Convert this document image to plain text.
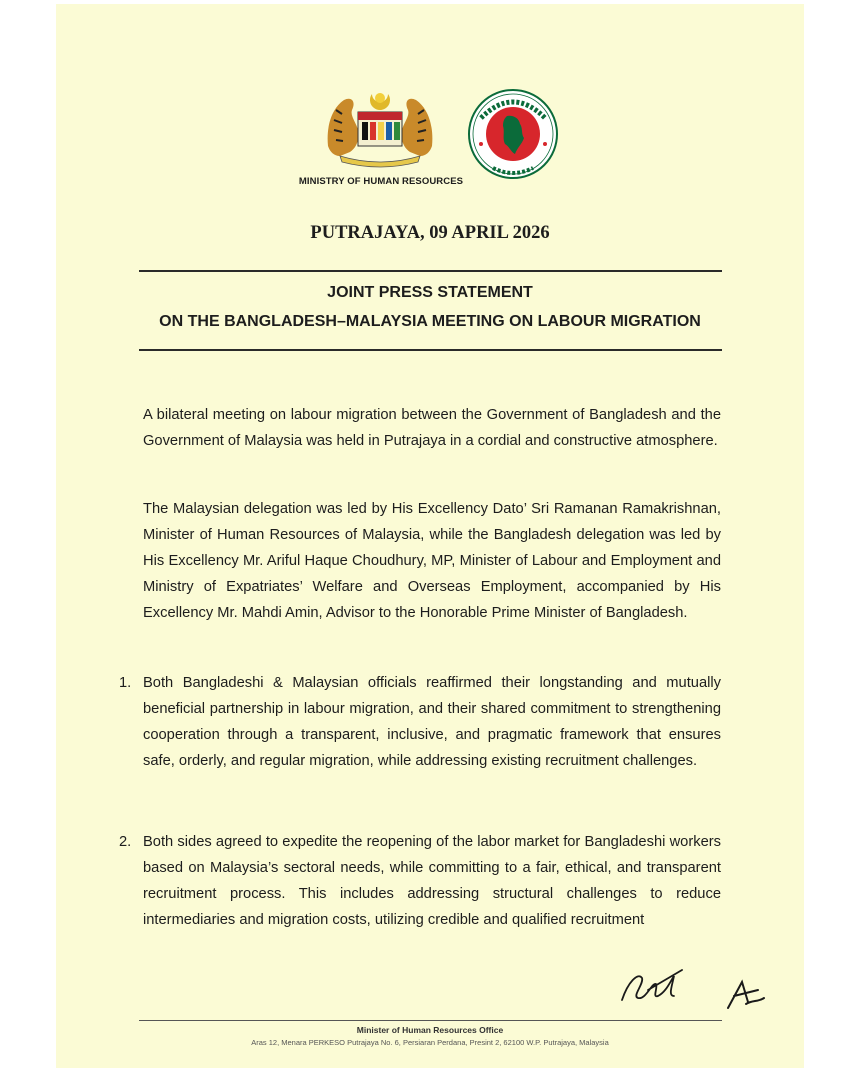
MINISTRY OF HUMAN RESOURCES
PUTRAJAYA, 09 APRIL 2026
JOINT PRESS STATEMENT
ON THE BANGLADESH–MALAYSIA MEETING ON LABOUR MIGRATION
A bilateral meeting on labour migration between the Government of Bangladesh and the Government of Malaysia was held in Putrajaya in a cordial and constructive atmosphere.
The Malaysian delegation was led by His Excellency Dato’ Sri Ramanan Ramakrishnan, Minister of Human Resources of Malaysia, while the Bangladesh delegation was led by His Excellency Mr. Ariful Haque Choudhury, MP, Minister of Labour and Employment and Ministry of Expatriates’ Welfare and Overseas Employment, accompanied by His Excellency Mr. Mahdi Amin, Advisor to the Honorable Prime Minister of Bangladesh.
1. Both Bangladeshi & Malaysian officials reaffirmed their longstanding and mutually beneficial partnership in labour migration, and their shared commitment to strengthening cooperation through a transparent, inclusive, and pragmatic framework that ensures safe, orderly, and regular migration, while addressing existing recruitment challenges.
2. Both sides agreed to expedite the reopening of the labor market for Bangladeshi workers based on Malaysia’s sectoral needs, while committing to a fair, ethical, and transparent recruitment process. This includes addressing structural challenges to reduce intermediaries and migration costs, utilizing credible and qualified recruitment
Minister of Human Resources Office
Aras 12, Menara PERKESO Putrajaya No. 6, Persiaran Perdana, Presint 2, 62100 W.P. Putrajaya, Malaysia
